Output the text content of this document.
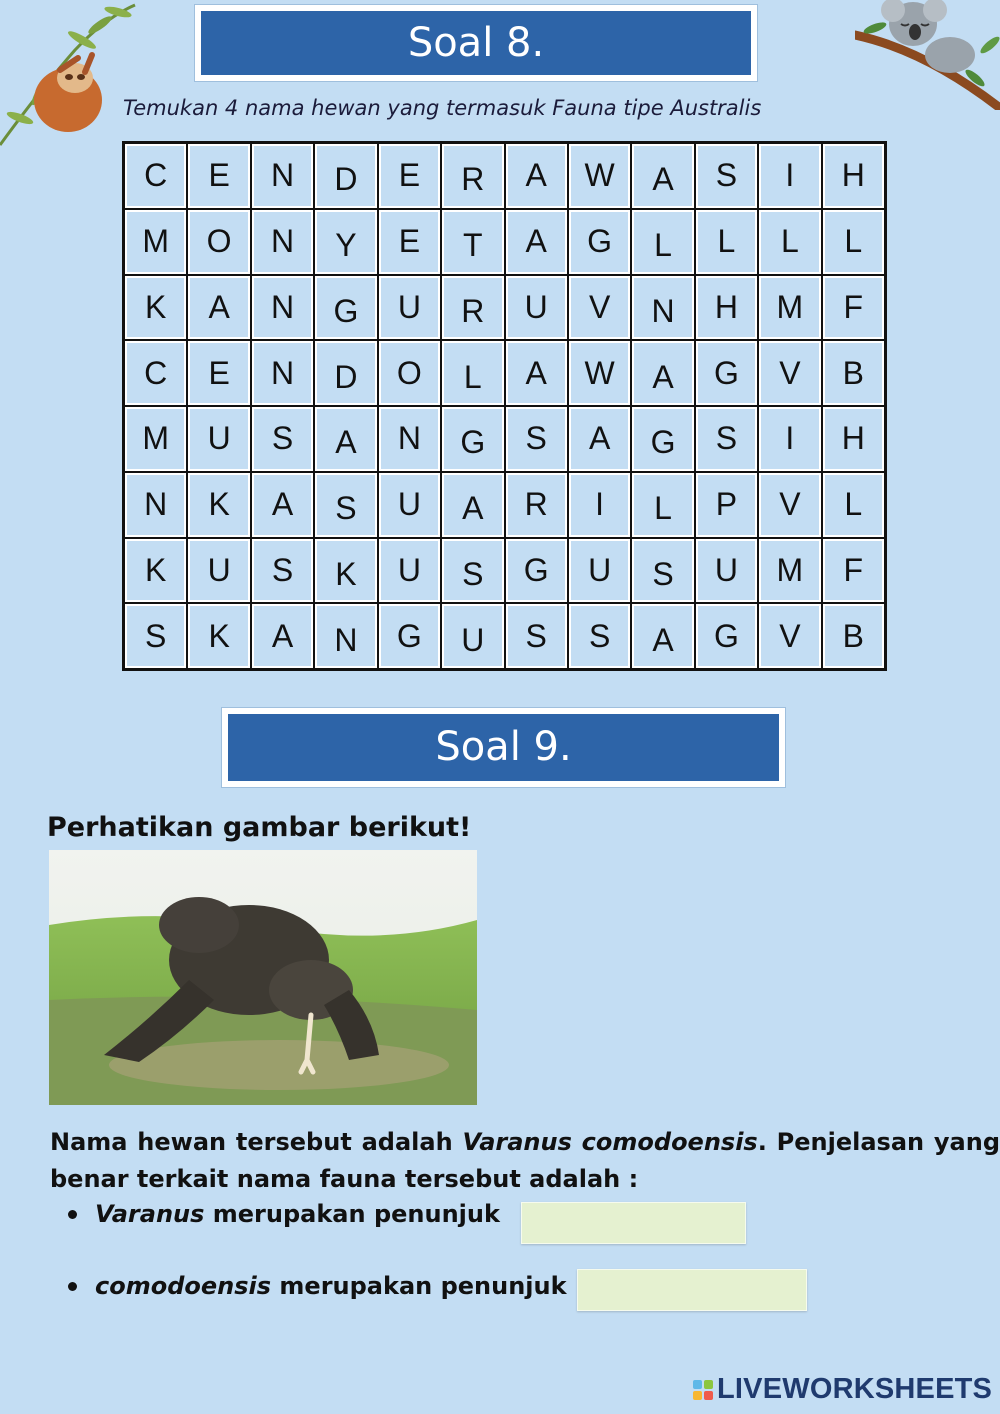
Soal 8.
Temukan 4 nama hewan yang termasuk Fauna tipe Australis
C	E	N	D	E	R	A	W	A	S	I	H
M	O	N	Y	E	T	A	G	L	L	L	L
K	A	N	G	U	R	U	V	N	H	M	F
C	E	N	D	O	L	A	W	A	G	V	B
M	U	S	A	N	G	S	A	G	S	I	H
N	K	A	S	U	A	R	I	L	P	V	L
K	U	S	K	U	S	G	U	S	U	M	F
S	K	A	N	G	U	S	S	A	G	V	B
Soal 9.
Perhatikan gambar berikut!
Nama hewan tersebut adalah Varanus comodoensis. Penjelasan yang benar terkait nama fauna tersebut adalah :
Varanus merupakan penunjuk
comodoensis merupakan penunjuk
LIVEWORKSHEETS
